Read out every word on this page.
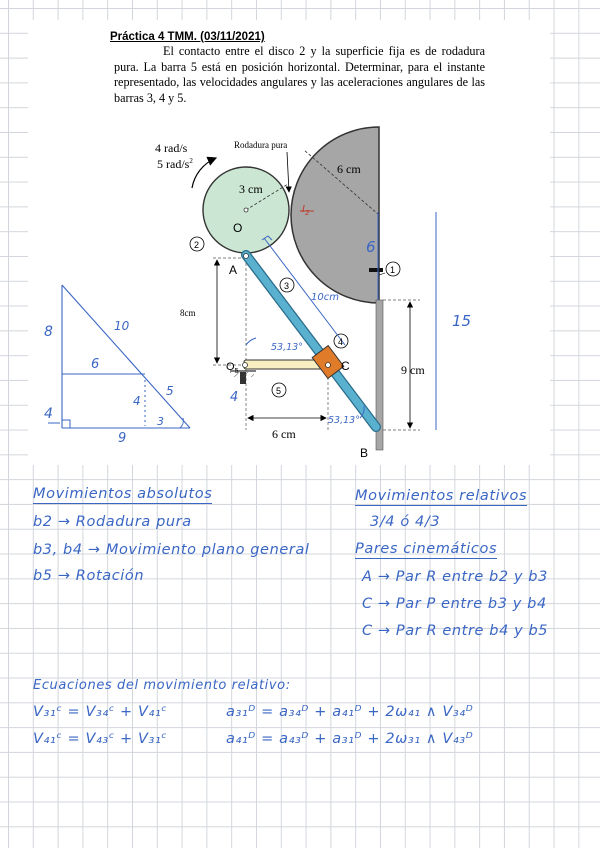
Práctica 4 TMM. (03/11/2021)

El contacto entre el disco 2 y la superficie fija es de rodadura pura. La barra 5 está en posición horizontal. Determinar, para el instante representado, las velocidades angulares y las aceleraciones angulares de las barras 3, 4 y 5.

4 rad/s
5 rad/$s^2$
Rodadura pura
3 cm
6 cm
O
A
$O_5$	C
B
1
2
3
4
5
8cm
9 cm
6 cm
$I_2$
6
10cm
53,13°
53,13°
4
15
8
4
10
6
4
5
3
9
Movimientos absolutos
b2 → Rodadura pura
b3, b4 → Movimiento plano general
b5 → Rotación
Movimientos relativos
3/4 ó 4/3
Pares cinemáticos
A → Par R entre b2 y b3
C → Par P entre b3 y b4
C → Par R entre b4 y b5
Ecuaciones del movimiento relativo:
V₃₁ᶜ = V₃₄ᶜ + V₄₁ᶜ
V₄₁ᶜ = V₄₃ᶜ + V₃₁ᶜ
a₃₁ᴰ = a₃₄ᴰ + a₄₁ᴰ + 2ω₄₁ ∧ V₃₄ᴰ
a₄₁ᴰ = a₄₃ᴰ + a₃₁ᴰ + 2ω₃₁ ∧ V₄₃ᴰ
